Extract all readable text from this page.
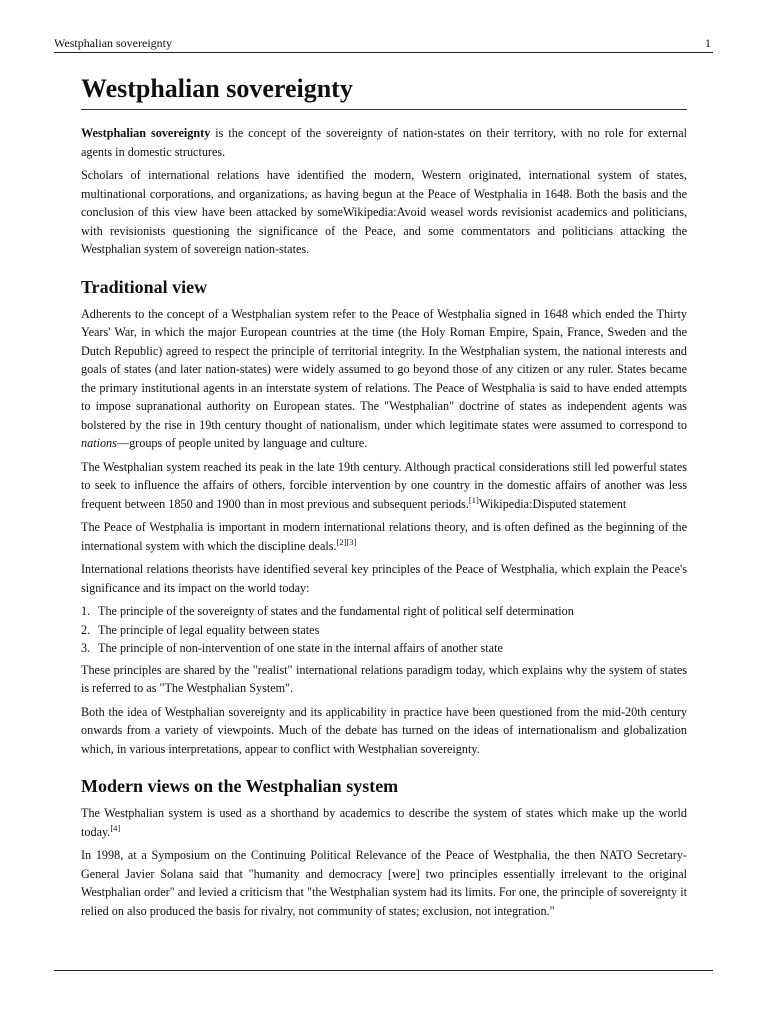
Westphalian sovereignty	1
Westphalian sovereignty

Westphalian sovereignty is the concept of the sovereignty of nation-states on their territory, with no role for external agents in domestic structures.

Scholars of international relations have identified the modern, Western originated, international system of states, multinational corporations, and organizations, as having begun at the Peace of Westphalia in 1648. Both the basis and the conclusion of this view have been attacked by someWikipedia:Avoid weasel words revisionist academics and politicians, with revisionists questioning the significance of the Peace, and some commentators and politicians attacking the Westphalian system of sovereign nation-states.

Traditional view

Adherents to the concept of a Westphalian system refer to the Peace of Westphalia signed in 1648 which ended the Thirty Years' War, in which the major European countries at the time (the Holy Roman Empire, Spain, France, Sweden and the Dutch Republic) agreed to respect the principle of territorial integrity. In the Westphalian system, the national interests and goals of states (and later nation-states) were widely assumed to go beyond those of any citizen or any ruler. States became the primary institutional agents in an interstate system of relations. The Peace of Westphalia is said to have ended attempts to impose supranational authority on European states. The "Westphalian" doctrine of states as independent agents was bolstered by the rise in 19th century thought of nationalism, under which legitimate states were assumed to correspond to nations—groups of people united by language and culture.

The Westphalian system reached its peak in the late 19th century. Although practical considerations still led powerful states to seek to influence the affairs of others, forcible intervention by one country in the domestic affairs of another was less frequent between 1850 and 1900 than in most previous and subsequent periods.[1]Wikipedia:Disputed statement

The Peace of Westphalia is important in modern international relations theory, and is often defined as the beginning of the international system with which the discipline deals.[2][3]

International relations theorists have identified several key principles of the Peace of Westphalia, which explain the Peace's significance and its impact on the world today:

1. The principle of the sovereignty of states and the fundamental right of political self determination
2. The principle of legal equality between states
3. The principle of non-intervention of one state in the internal affairs of another state

These principles are shared by the "realist" international relations paradigm today, which explains why the system of states is referred to as "The Westphalian System".

Both the idea of Westphalian sovereignty and its applicability in practice have been questioned from the mid-20th century onwards from a variety of viewpoints. Much of the debate has turned on the ideas of internationalism and globalization which, in various interpretations, appear to conflict with Westphalian sovereignty.

Modern views on the Westphalian system

The Westphalian system is used as a shorthand by academics to describe the system of states which make up the world today.[4]

In 1998, at a Symposium on the Continuing Political Relevance of the Peace of Westphalia, the then NATO Secretary-General Javier Solana said that "humanity and democracy [were] two principles essentially irrelevant to the original Westphalian order" and levied a criticism that "the Westphalian system had its limits. For one, the principle of sovereignty it relied on also produced the basis for rivalry, not community of states; exclusion, not integration."
